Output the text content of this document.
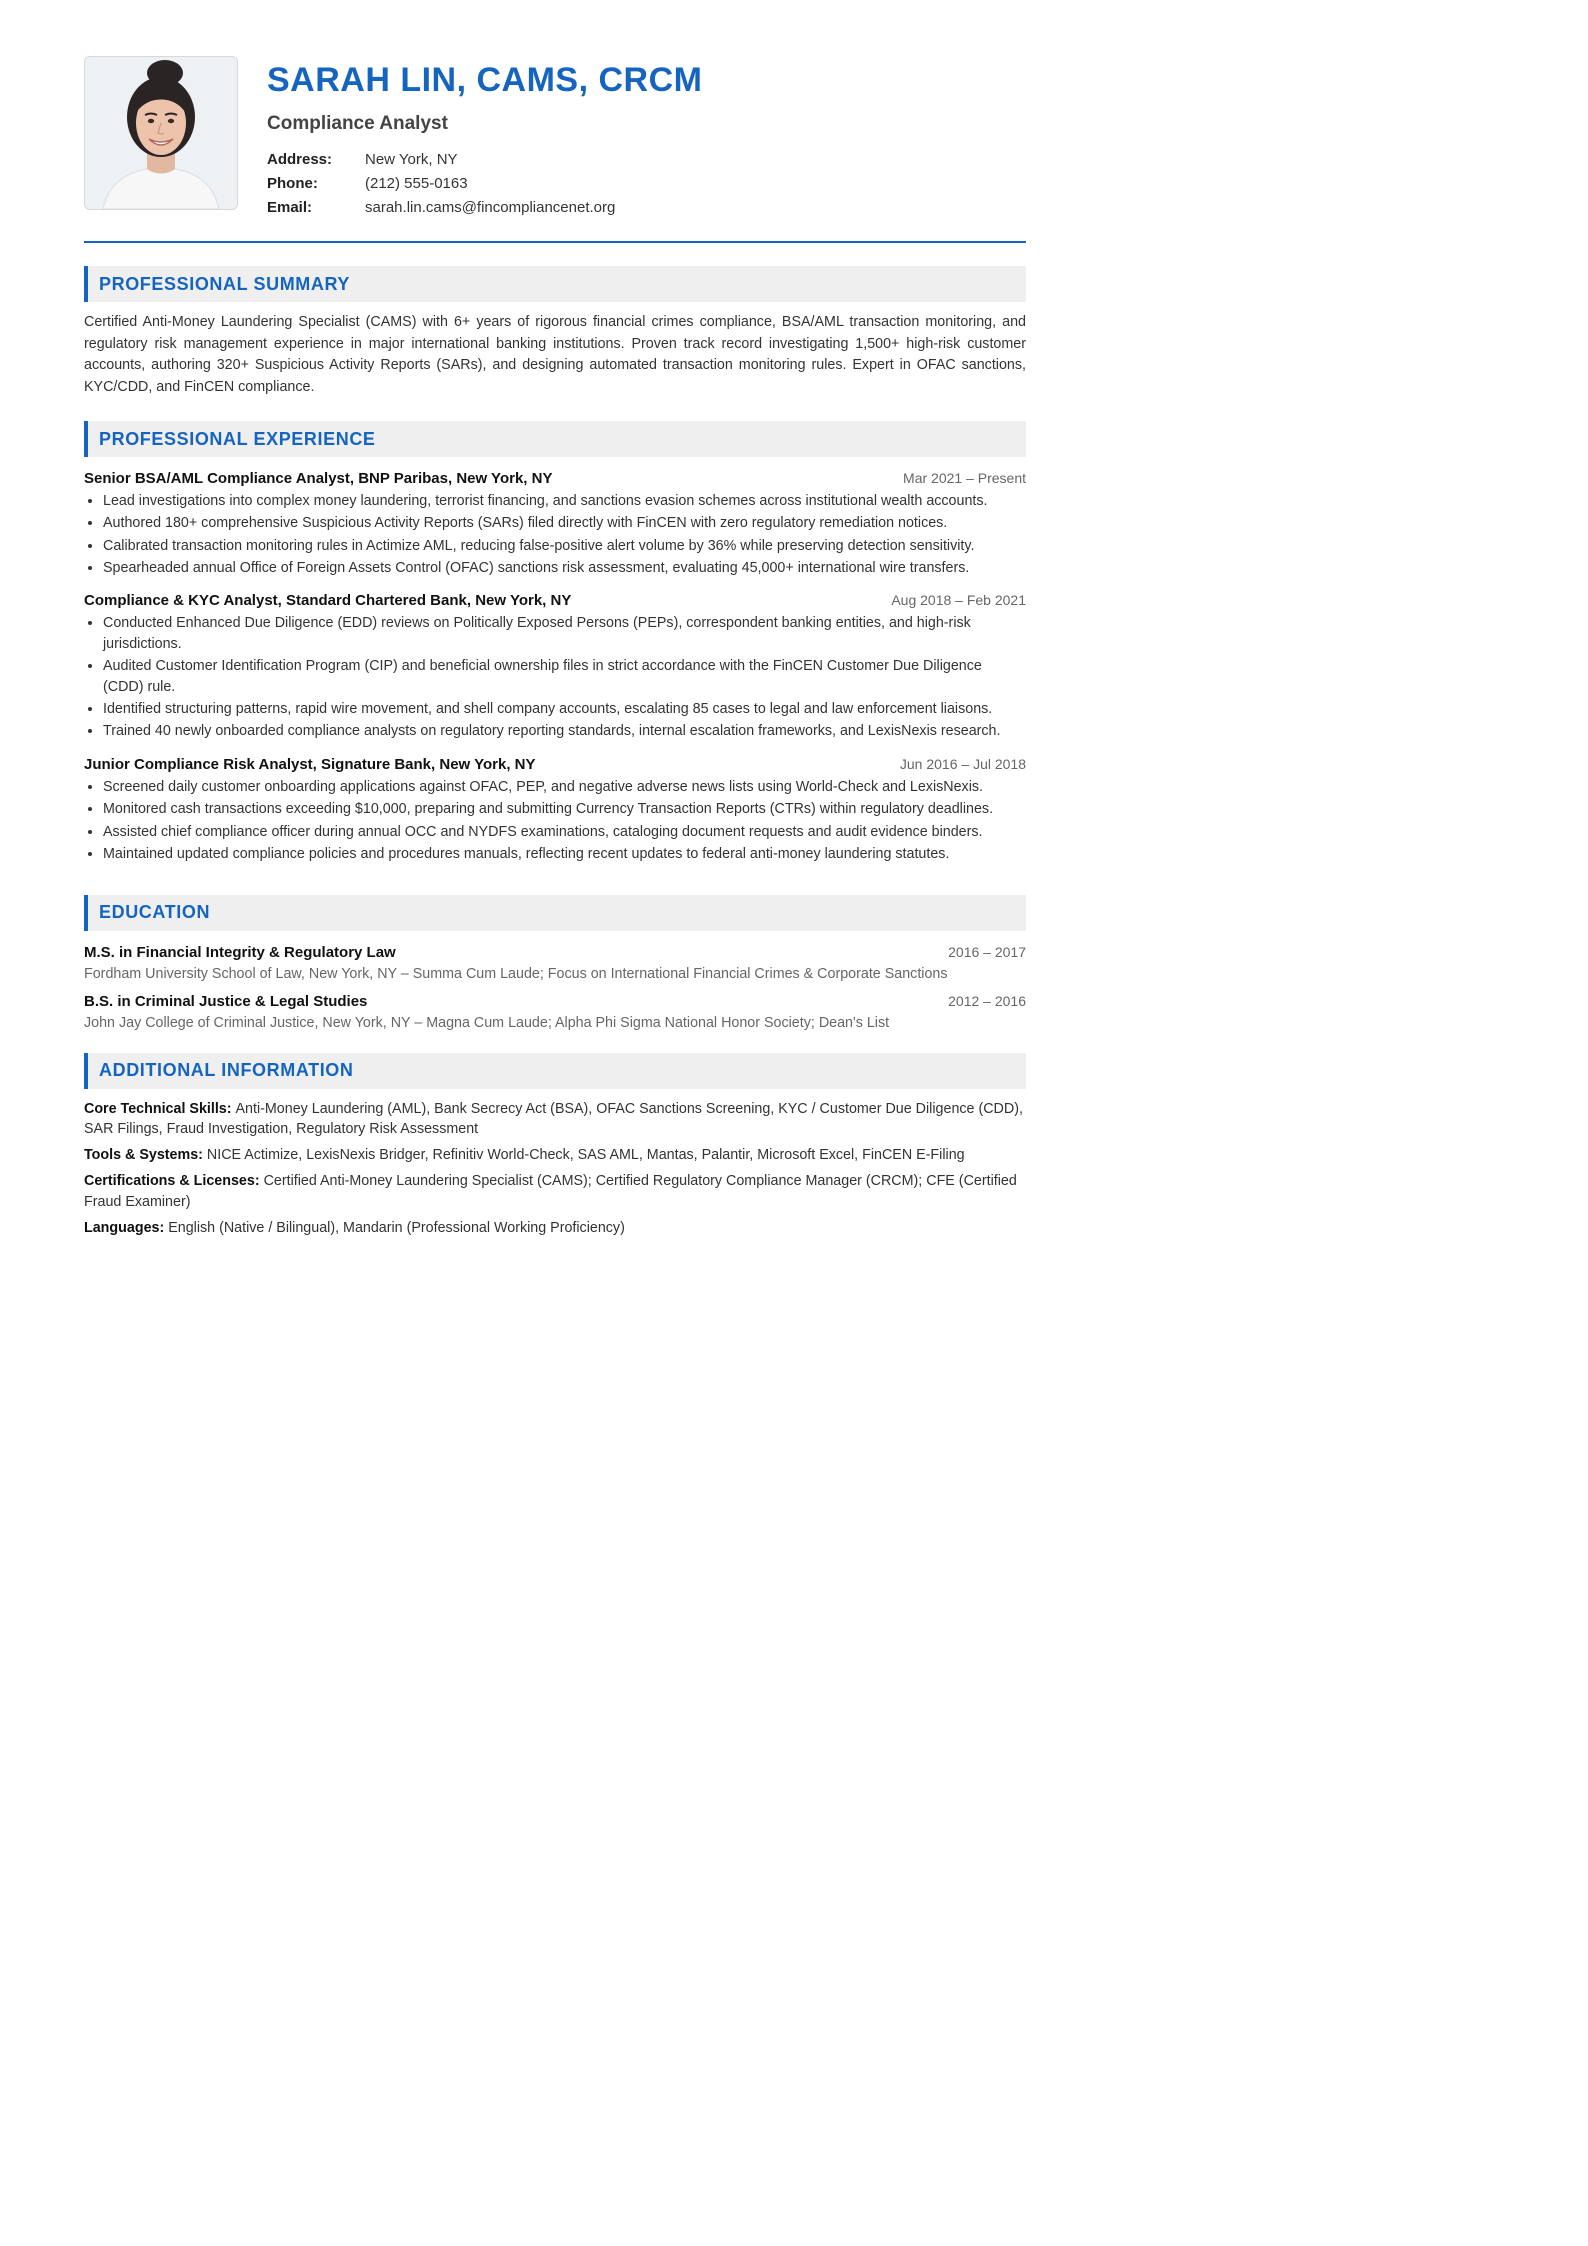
SARAH LIN, CAMS, CRCM
Compliance Analyst
Address:	New York, NY
Phone:	(212) 555-0163
Email:	sarah.lin.cams@fincompliancenet.org
PROFESSIONAL SUMMARY
Certified Anti-Money Laundering Specialist (CAMS) with 6+ years of rigorous financial crimes compliance, BSA/AML transaction monitoring, and regulatory risk management experience in major international banking institutions. Proven track record investigating 1,500+ high-risk customer accounts, authoring 320+ Suspicious Activity Reports (SARs), and designing automated transaction monitoring rules. Expert in OFAC sanctions, KYC/CDD, and FinCEN compliance.
PROFESSIONAL EXPERIENCE
Senior BSA/AML Compliance Analyst, BNP Paribas, New York, NY	Mar 2021 – Present
• Lead investigations into complex money laundering, terrorist financing, and sanctions evasion schemes across institutional wealth accounts.
• Authored 180+ comprehensive Suspicious Activity Reports (SARs) filed directly with FinCEN with zero regulatory remediation notices.
• Calibrated transaction monitoring rules in Actimize AML, reducing false-positive alert volume by 36% while preserving detection sensitivity.
• Spearheaded annual Office of Foreign Assets Control (OFAC) sanctions risk assessment, evaluating 45,000+ international wire transfers.
Compliance & KYC Analyst, Standard Chartered Bank, New York, NY	Aug 2018 – Feb 2021
• Conducted Enhanced Due Diligence (EDD) reviews on Politically Exposed Persons (PEPs), correspondent banking entities, and high-risk jurisdictions.
• Audited Customer Identification Program (CIP) and beneficial ownership files in strict accordance with the FinCEN Customer Due Diligence (CDD) rule.
• Identified structuring patterns, rapid wire movement, and shell company accounts, escalating 85 cases to legal and law enforcement liaisons.
• Trained 40 newly onboarded compliance analysts on regulatory reporting standards, internal escalation frameworks, and LexisNexis research.
Junior Compliance Risk Analyst, Signature Bank, New York, NY	Jun 2016 – Jul 2018
• Screened daily customer onboarding applications against OFAC, PEP, and negative adverse news lists using World-Check and LexisNexis.
• Monitored cash transactions exceeding $10,000, preparing and submitting Currency Transaction Reports (CTRs) within regulatory deadlines.
• Assisted chief compliance officer during annual OCC and NYDFS examinations, cataloging document requests and audit evidence binders.
• Maintained updated compliance policies and procedures manuals, reflecting recent updates to federal anti-money laundering statutes.
EDUCATION
M.S. in Financial Integrity & Regulatory Law	2016 – 2017
Fordham University School of Law, New York, NY – Summa Cum Laude; Focus on International Financial Crimes & Corporate Sanctions
B.S. in Criminal Justice & Legal Studies	2012 – 2016
John Jay College of Criminal Justice, New York, NY – Magna Cum Laude; Alpha Phi Sigma National Honor Society; Dean's List
ADDITIONAL INFORMATION
Core Technical Skills: Anti-Money Laundering (AML), Bank Secrecy Act (BSA), OFAC Sanctions Screening, KYC / Customer Due Diligence (CDD), SAR Filings, Fraud Investigation, Regulatory Risk Assessment
Tools & Systems: NICE Actimize, LexisNexis Bridger, Refinitiv World-Check, SAS AML, Mantas, Palantir, Microsoft Excel, FinCEN E-Filing
Certifications & Licenses: Certified Anti-Money Laundering Specialist (CAMS); Certified Regulatory Compliance Manager (CRCM); CFE (Certified Fraud Examiner)
Languages: English (Native / Bilingual), Mandarin (Professional Working Proficiency)
